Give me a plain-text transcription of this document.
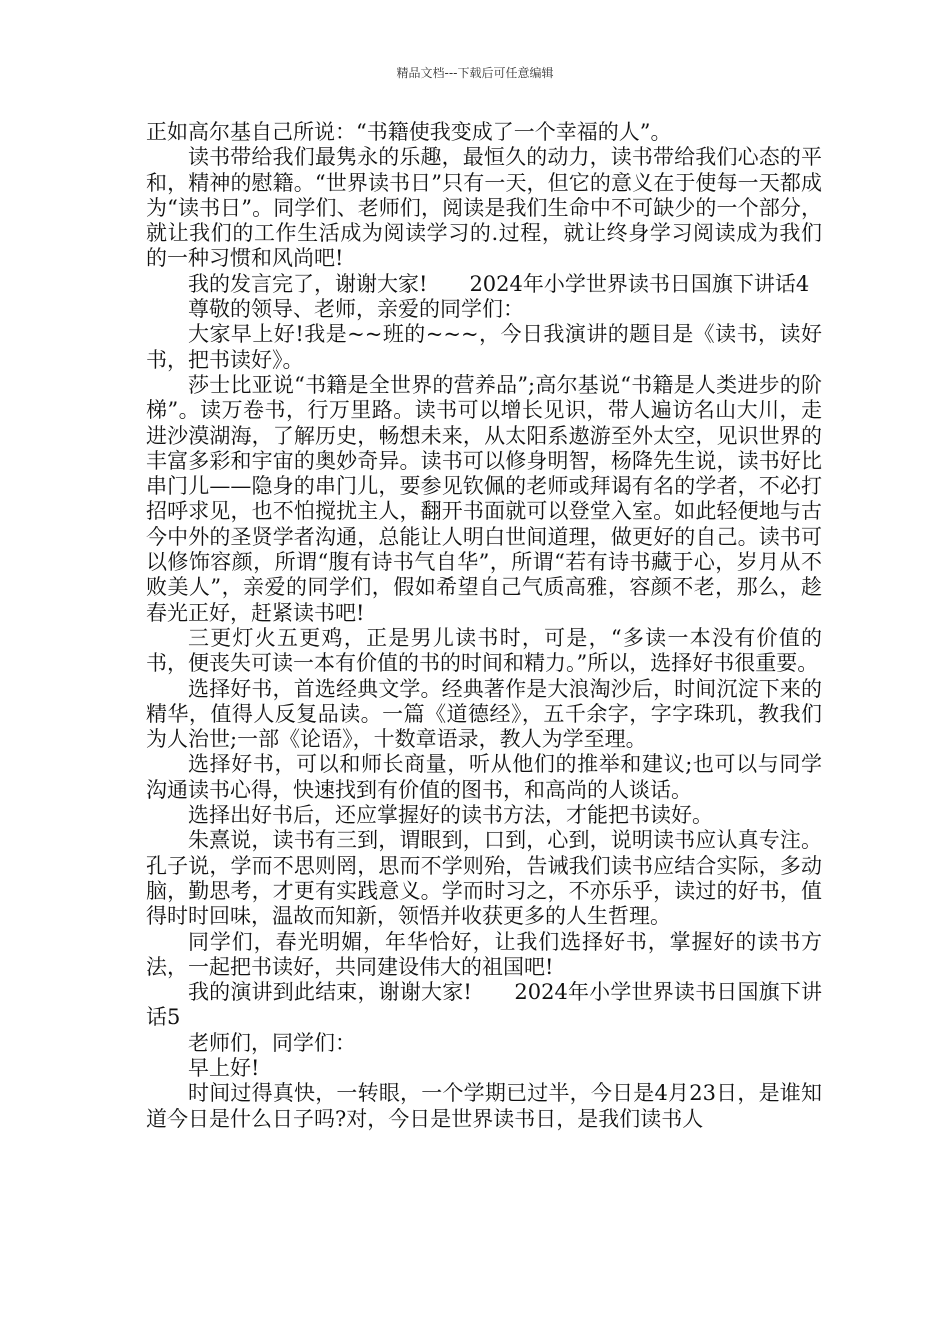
精品文档---下载后可任意编辑

正如高尔基自己所说：“书籍使我变成了一个幸福的人”。

读书带给我们最隽永的乐趣，最恒久的动力，读书带给我们心态的平和，精神的慰籍。“世界读书日”只有一天，但它的意义在于使每一天都成为“读书日”。同学们、老师们，阅读是我们生命中不可缺少的一个部分，就让我们的工作生活成为阅读学习的.过程，就让终身学习阅读成为我们的一种习惯和风尚吧!

我的发言完了，谢谢大家!　　2024年小学世界读书日国旗下讲话4

尊敬的领导、老师，亲爱的同学们：

大家早上好!我是~~班的~~~，今日我演讲的题目是《读书，读好书，把书读好》。

莎士比亚说“书籍是全世界的营养品”;高尔基说“书籍是人类进步的阶梯”。读万卷书，行万里路。读书可以增长见识，带人遍访名山大川，走进沙漠湖海，了解历史，畅想未来，从太阳系遨游至外太空，见识世界的丰富多彩和宇宙的奥妙奇异。读书可以修身明智，杨降先生说，读书好比串门儿——隐身的串门儿，要参见钦佩的老师或拜谒有名的学者，不必打招呼求见，也不怕搅扰主人，翻开书面就可以登堂入室。如此轻便地与古今中外的圣贤学者沟通，总能让人明白世间道理，做更好的自己。读书可以修饰容颜，所谓“腹有诗书气自华”，所谓“若有诗书藏于心，岁月从不败美人”，亲爱的同学们，假如希望自己气质高雅，容颜不老，那么，趁春光正好，赶紧读书吧!

三更灯火五更鸡，正是男儿读书时，可是，“多读一本没有价值的书，便丧失可读一本有价值的书的时间和精力。”所以，选择好书很重要。

选择好书，首选经典文学。经典著作是大浪淘沙后，时间沉淀下来的精华，值得人反复品读。一篇《道德经》，五千余字，字字珠玑，教我们为人治世;一部《论语》，十数章语录，教人为学至理。

选择好书，可以和师长商量，听从他们的推举和建议;也可以与同学沟通读书心得，快速找到有价值的图书，和高尚的人谈话。

选择出好书后，还应掌握好的读书方法，才能把书读好。

朱熹说，读书有三到，谓眼到，口到，心到，说明读书应认真专注。孔子说，学而不思则罔，思而不学则殆，告诫我们读书应结合实际，多动脑，勤思考，才更有实践意义。学而时习之，不亦乐乎，读过的好书，值得时时回味，温故而知新，领悟并收获更多的人生哲理。

同学们，春光明媚，年华恰好，让我们选择好书，掌握好的读书方法，一起把书读好，共同建设伟大的祖国吧!

我的演讲到此结束，谢谢大家!　　2024年小学世界读书日国旗下讲话5

老师们，同学们：

早上好!

时间过得真快，一转眼，一个学期已过半，今日是4月23日，是谁知道今日是什么日子吗?对，今日是世界读书日，是我们读书人
